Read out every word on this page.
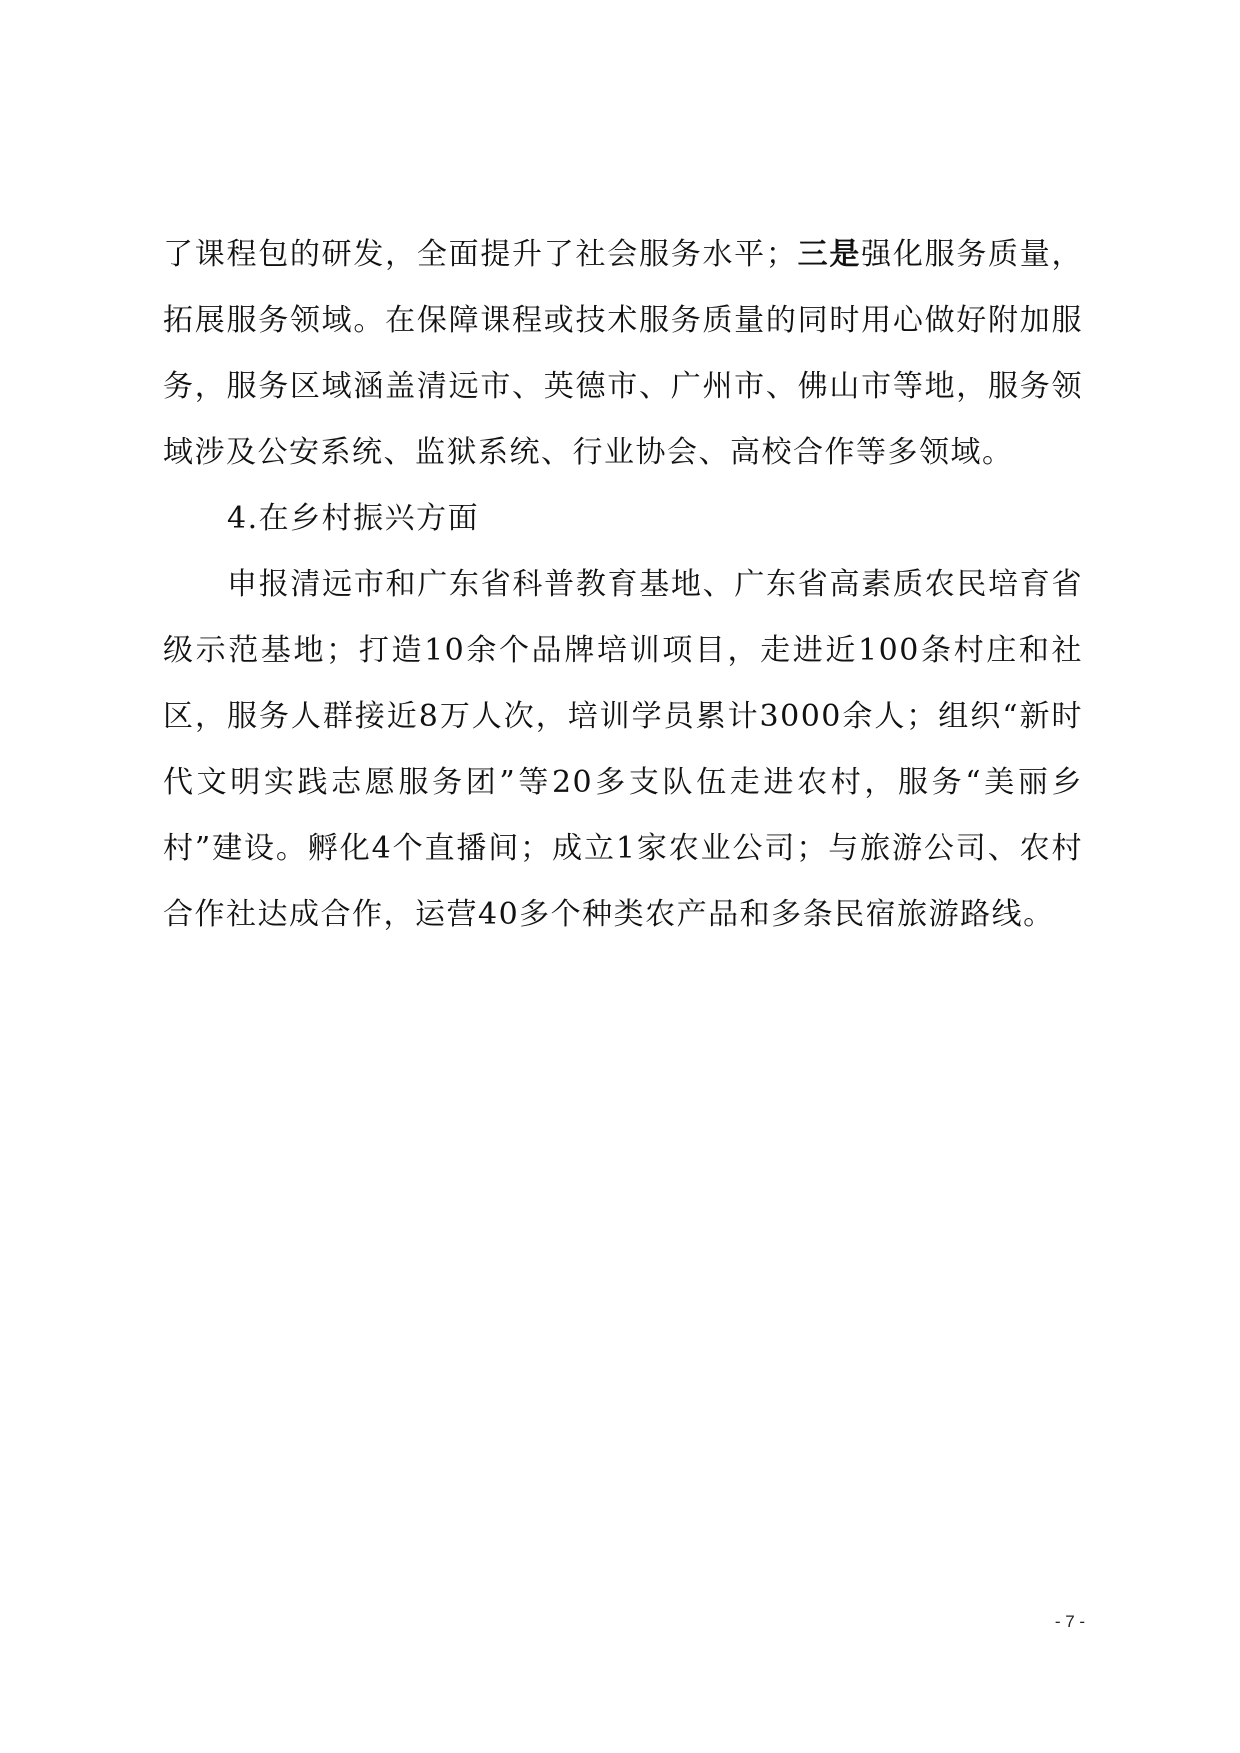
了课程包的研发，全面提升了社会服务水平；三是强化服务质量，拓展服务领域。在保障课程或技术服务质量的同时用心做好附加服务，服务区域涵盖清远市、英德市、广州市、佛山市等地，服务领域涉及公安系统、监狱系统、行业协会、高校合作等多领域。

4.在乡村振兴方面

申报清远市和广东省科普教育基地、广东省高素质农民培育省级示范基地；打造10余个品牌培训项目，走进近100条村庄和社区，服务人群接近8万人次，培训学员累计3000余人；组织“新时代文明实践志愿服务团”等20多支队伍走进农村，服务“美丽乡村”建设。孵化4个直播间；成立1家农业公司；与旅游公司、农村合作社达成合作，运营40多个种类农产品和多条民宿旅游路线。

- 7 -
